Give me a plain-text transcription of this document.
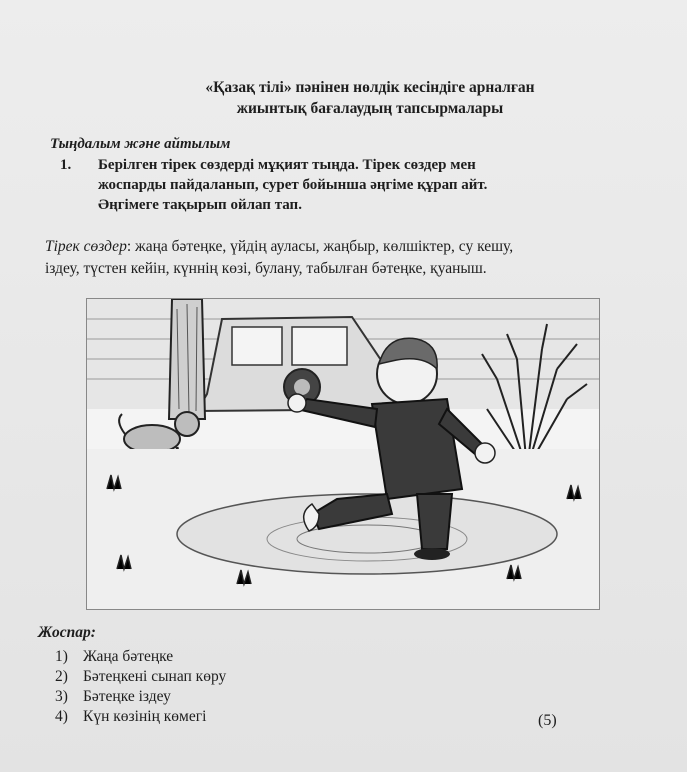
«Қазақ тілі» пәнінен нөлдік кесіндіге арналған
жиынтық бағалаудың тапсырмалары
Тыңдалым және айтылым
1. Берілген тірек сөздерді мұқият тыңда. Тірек сөздер мен
жоспарды пайдаланып, сурет бойынша әңгіме құрап айт.
Әңгімеге тақырып ойлап тап.
Тірек сөздер: жаңа бәтеңке, үйдің ауласы, жаңбыр, көлшіктер, су кешу,
іздеу, түстен кейін, күннің көзі, булану, табылған бәтеңке, қуаныш.
Жоспар:
1) Жаңа бәтеңке
2) Бәтеңкені сынап көру
3) Бәтеңке іздеу
4) Күн көзінің көмегі	(5)
